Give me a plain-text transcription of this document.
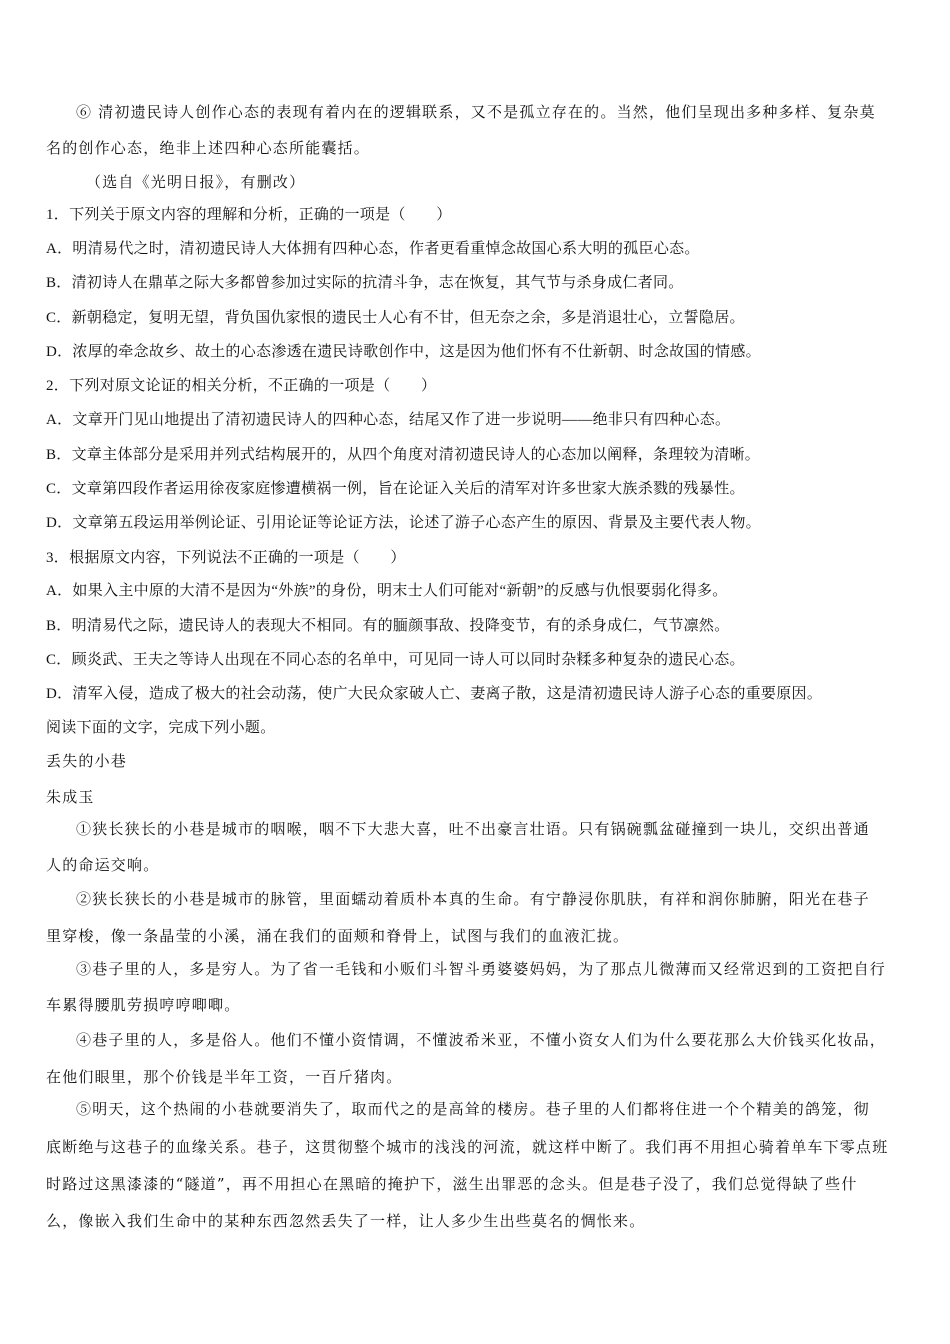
⑥ 清初遗民诗人创作心态的表现有着内在的逻辑联系，又不是孤立存在的。当然，他们呈现出多种多样、复杂莫
名的创作心态，绝非上述四种心态所能囊括。
（选自《光明日报》，有删改）
1．下列关于原文内容的理解和分析，正确的一项是（　　）
A．明清易代之时，清初遗民诗人大体拥有四种心态，作者更看重悼念故国心系大明的孤臣心态。
B．清初诗人在鼎革之际大多都曾参加过实际的抗清斗争，志在恢复，其气节与杀身成仁者同。
C．新朝稳定，复明无望，背负国仇家恨的遗民士人心有不甘，但无奈之余，多是消退壮心，立誓隐居。
D．浓厚的牵念故乡、故土的心态渗透在遗民诗歌创作中，这是因为他们怀有不仕新朝、时念故国的情感。
2．下列对原文论证的相关分析，不正确的一项是（　　）
A．文章开门见山地提出了清初遗民诗人的四种心态，结尾又作了进一步说明——绝非只有四种心态。
B．文章主体部分是采用并列式结构展开的，从四个角度对清初遗民诗人的心态加以阐释，条理较为清晰。
C．文章第四段作者运用徐夜家庭惨遭横祸一例，旨在论证入关后的清军对许多世家大族杀戮的残暴性。
D．文章第五段运用举例论证、引用论证等论证方法，论述了游子心态产生的原因、背景及主要代表人物。
3．根据原文内容，下列说法不正确的一项是（　　）
A．如果入主中原的大清不是因为“外族”的身份，明末士人们可能对“新朝”的反感与仇恨要弱化得多。
B．明清易代之际，遗民诗人的表现大不相同。有的腼颜事敌、投降变节，有的杀身成仁，气节凛然。
C．顾炎武、王夫之等诗人出现在不同心态的名单中，可见同一诗人可以同时杂糅多种复杂的遗民心态。
D．清军入侵，造成了极大的社会动荡，使广大民众家破人亡、妻离子散，这是清初遗民诗人游子心态的重要原因。
阅读下面的文字，完成下列小题。
丢失的小巷
朱成玉
①狭长狭长的小巷是城市的咽喉，咽不下大悲大喜，吐不出豪言壮语。只有锅碗瓢盆碰撞到一块儿，交织出普通
人的命运交响。
②狭长狭长的小巷是城市的脉管，里面蠕动着质朴本真的生命。有宁静浸你肌肤，有祥和润你肺腑，阳光在巷子
里穿梭，像一条晶莹的小溪，涌在我们的面颊和脊骨上，试图与我们的血液汇拢。
③巷子里的人，多是穷人。为了省一毛钱和小贩们斗智斗勇婆婆妈妈，为了那点儿微薄而又经常迟到的工资把自行
车累得腰肌劳损哼哼唧唧。
④巷子里的人，多是俗人。他们不懂小资情调，不懂波希米亚，不懂小资女人们为什么要花那么大价钱买化妆品，
在他们眼里，那个价钱是半年工资，一百斤猪肉。
⑤明天，这个热闹的小巷就要消失了，取而代之的是高耸的楼房。巷子里的人们都将住进一个个精美的鸽笼，彻
底断绝与这巷子的血缘关系。巷子，这贯彻整个城市的浅浅的河流，就这样中断了。我们再不用担心骑着单车下零点班
时路过这黑漆漆的“隧道”，再不用担心在黑暗的掩护下，滋生出罪恶的念头。但是巷子没了，我们总觉得缺了些什
么，像嵌入我们生命中的某种东西忽然丢失了一样，让人多少生出些莫名的惆怅来。
